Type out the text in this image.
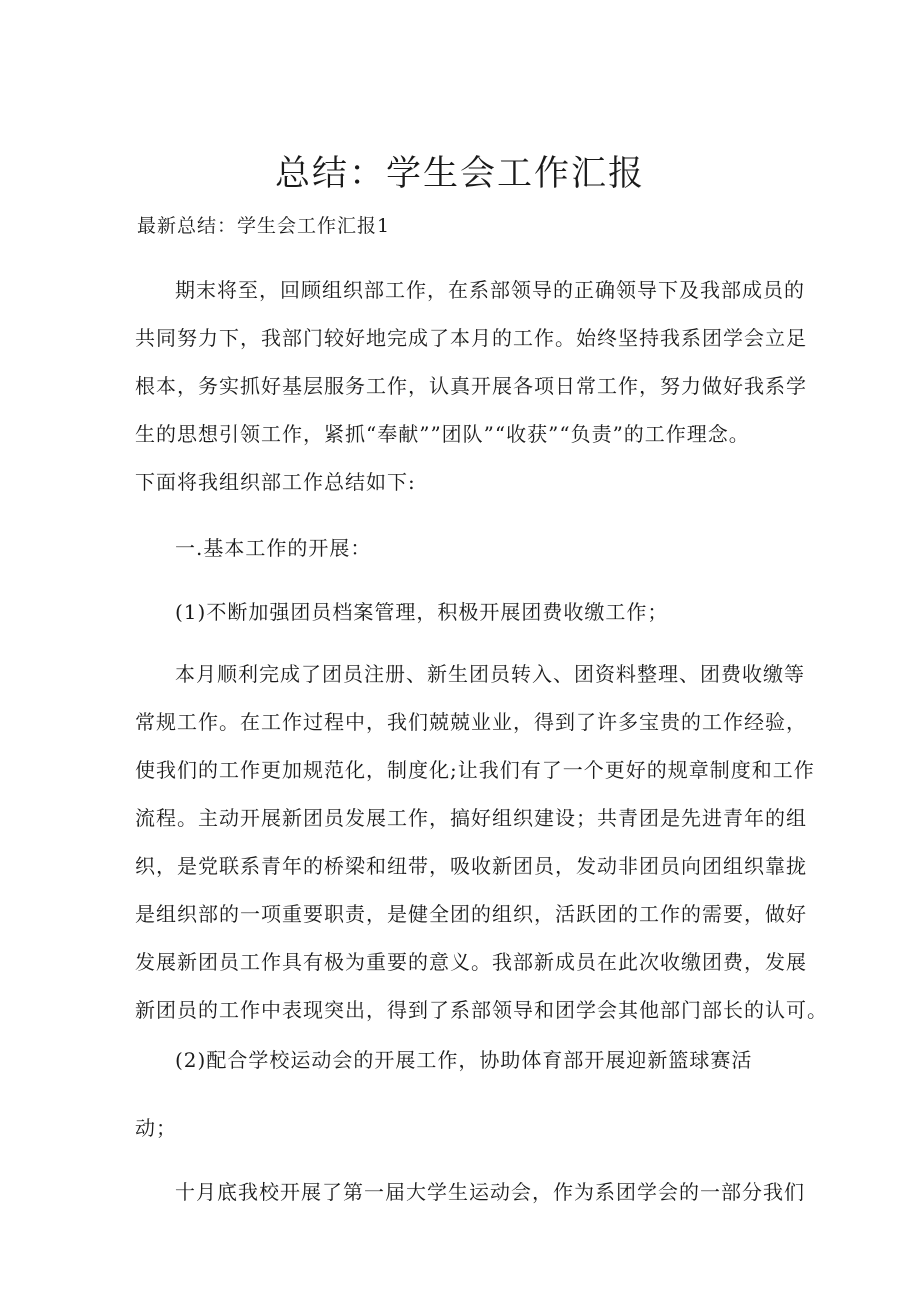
总结：学生会工作汇报

最新总结：学生会工作汇报1

期末将至，回顾组织部工作，在系部领导的正确领导下及我部成员的
共同努力下，我部门较好地完成了本月的工作。始终坚持我系团学会立足
根本，务实抓好基层服务工作，认真开展各项日常工作，努力做好我系学
生的思想引领工作，紧抓“奉献””团队”“收获”“负责”的工作理念。
下面将我组织部工作总结如下:

一.基本工作的开展：

(1)不断加强团员档案管理，积极开展团费收缴工作；

本月顺利完成了团员注册、新生团员转入、团资料整理、团费收缴等
常规工作。在工作过程中，我们兢兢业业，得到了许多宝贵的工作经验，
使我们的工作更加规范化，制度化;让我们有了一个更好的规章制度和工作
流程。主动开展新团员发展工作，搞好组织建设；共青团是先进青年的组
织，是党联系青年的桥梁和纽带，吸收新团员，发动非团员向团组织靠拢
是组织部的一项重要职责，是健全团的组织，活跃团的工作的需要，做好
发展新团员工作具有极为重要的意义。我部新成员在此次收缴团费，发展
新团员的工作中表现突出，得到了系部领导和团学会其他部门部长的认可。

(2)配合学校运动会的开展工作，协助体育部开展迎新篮球赛活

动；

十月底我校开展了第一届大学生运动会，作为系团学会的一部分我们
